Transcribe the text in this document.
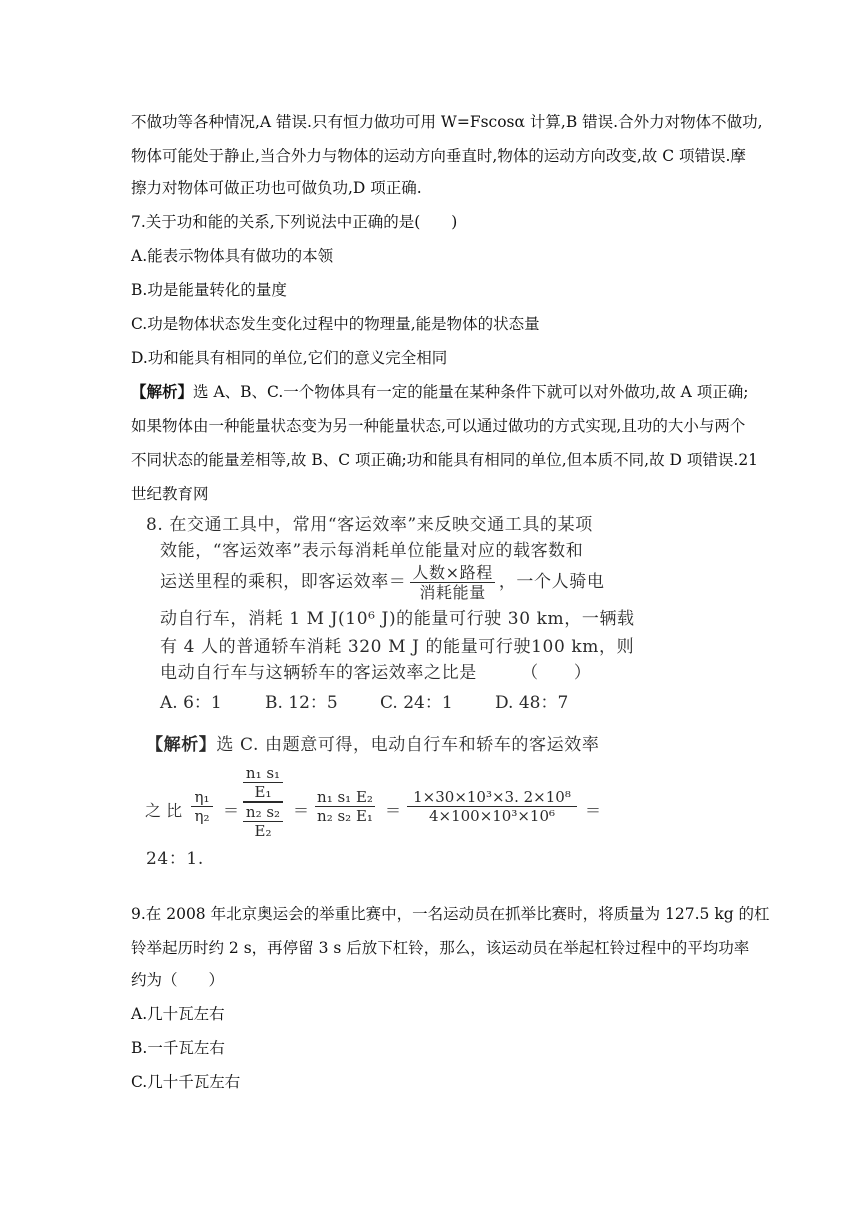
不做功等各种情况,A 错误.只有恒力做功可用 W=Fscosα 计算,B 错误.合外力对物体不做功,
物体可能处于静止,当合外力与物体的运动方向垂直时,物体的运动方向改变,故 C 项错误.摩
擦力对物体可做正功也可做负功,D 项正确.
7.关于功和能的关系,下列说法中正确的是(　　)
A.能表示物体具有做功的本领
B.功是能量转化的量度
C.功是物体状态发生变化过程中的物理量,能是物体的状态量
D.功和能具有相同的单位,它们的意义完全相同
【解析】选 A、B、C.一个物体具有一定的能量在某种条件下就可以对外做功,故 A 项正确;
如果物体由一种能量状态变为另一种能量状态,可以通过做功的方式实现,且功的大小与两个
不同状态的能量差相等,故 B、C 项正确;功和能具有相同的单位,但本质不同,故 D 项错误.21
世纪教育网
8. 在交通工具中，常用“客运效率”来反映交通工具的某项
效能，“客运效率”表示每消耗单位能量对应的载客数和
运送里程的乘积，即客运效率＝ $\frac{\text{人数×路程}}{\text{消耗能量}}$ ，一个人骑电
动自行车，消耗 1 M J(10⁶ J)的能量可行驶 30 km，一辆载
有 4 人的普通轿车消耗 320 M J 的能量可行驶100 km，则
电动自行车与这辆轿车的客运效率之比是　　　（　　）
A. 6：1	B. 12：5 C. 24：1 D. 48：7
【解析】选 C. 由题意可得，电动自行车和轿车的客运效率
之 比
η₁
η₂ ＝ n₁ s₁
E₁
n₂ s₂
$E_2 = \frac{\text{n₁ s₁ E₂}}{\text{n₂ s₂ E₁}} = \frac{\text{1×30×10³×3. 2×10⁸}}{\text{4×100×10³×10⁶}}$ ＝
24：1.
9.在 2008 年北京奥运会的举重比赛中，一名运动员在抓举比赛时，将质量为 127.5 kg 的杠
铃举起历时约 2 s，再停留 3 s 后放下杠铃，那么，该运动员在举起杠铃过程中的平均功率
约为（　　）
A.几十瓦左右
B.一千瓦左右
C.几十千瓦左右
